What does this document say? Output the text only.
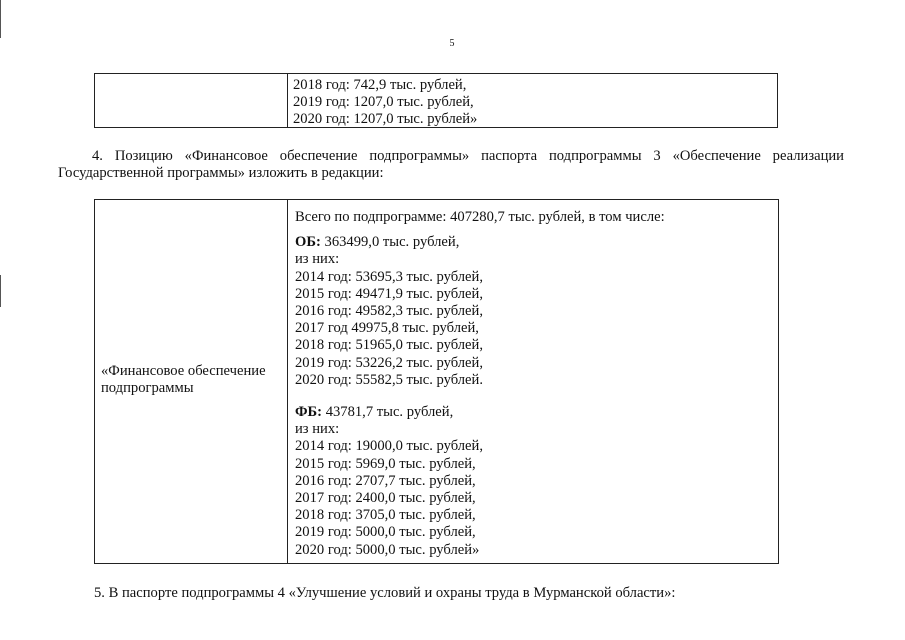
5
2018 год: 742,9 тыс. рублей,
2019 год: 1207,0 тыс. рублей,
2020 год: 1207,0 тыс. рублей»
4. Позицию «Финансовое обеспечение подпрограммы» паспорта подпрограммы 3 «Обеспечение реализации
Государственной программы» изложить в редакции:
«Финансовое обеспечение
подпрограммы
Всего по подпрограмме: 407280,7 тыс. рублей, в том числе:
ОБ: 363499,0 тыс. рублей,
из них:
2014 год: 53695,3 тыс. рублей,
2015 год: 49471,9 тыс. рублей,
2016 год: 49582,3 тыс. рублей,
2017 год 49975,8 тыс. рублей,
2018 год: 51965,0 тыс. рублей,
2019 год: 53226,2 тыс. рублей,
2020 год: 55582,5 тыс. рублей.
ФБ: 43781,7 тыс. рублей,
из них:
2014 год: 19000,0 тыс. рублей,
2015 год: 5969,0 тыс. рублей,
2016 год: 2707,7 тыс. рублей,
2017 год: 2400,0 тыс. рублей,
2018 год: 3705,0 тыс. рублей,
2019 год: 5000,0 тыс. рублей,
2020 год: 5000,0 тыс. рублей»
5. В паспорте подпрограммы 4 «Улучшение условий и охраны труда в Мурманской области»:
